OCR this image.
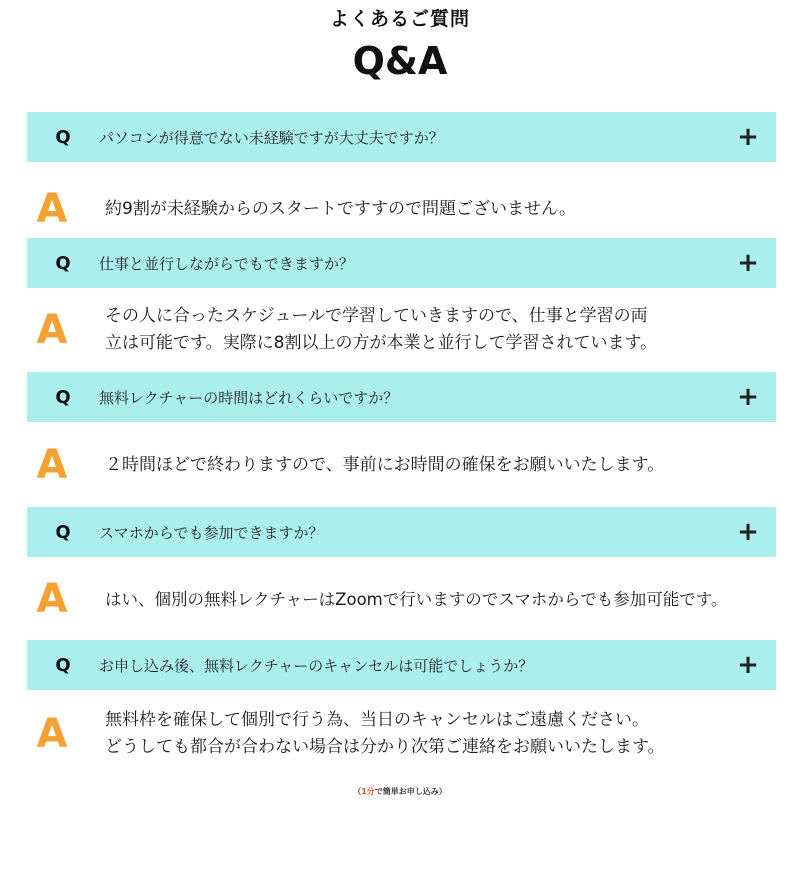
よくあるご質問
Q&A
Q	パソコンが得意でない未経験ですが大丈夫ですか？	+
A	約9割が未経験からのスタートですすので問題ございません。
Q	仕事と並行しながらでもできますか？	+
A	その人に合ったスケジュールで学習していきますので、仕事と学習の両
立は可能です。実際に8割以上の方が本業と並行して学習されています。
Q	無料レクチャーの時間はどれくらいですか？	+
A	２時間ほどで終わりますので、事前にお時間の確保をお願いいたします。
Q	スマホからでも参加できますか？	+
A	はい、個別の無料レクチャーはZoomで行いますのでスマホからでも参加可能です。
Q	お申し込み後、無料レクチャーのキャンセルは可能でしょうか？	+
A	無料枠を確保して個別で行う為、当日のキャンセルはご遠慮ください。
どうしても都合が合わない場合は分かり次第ご連絡をお願いいたします。
（1分で簡単お申し込み）
